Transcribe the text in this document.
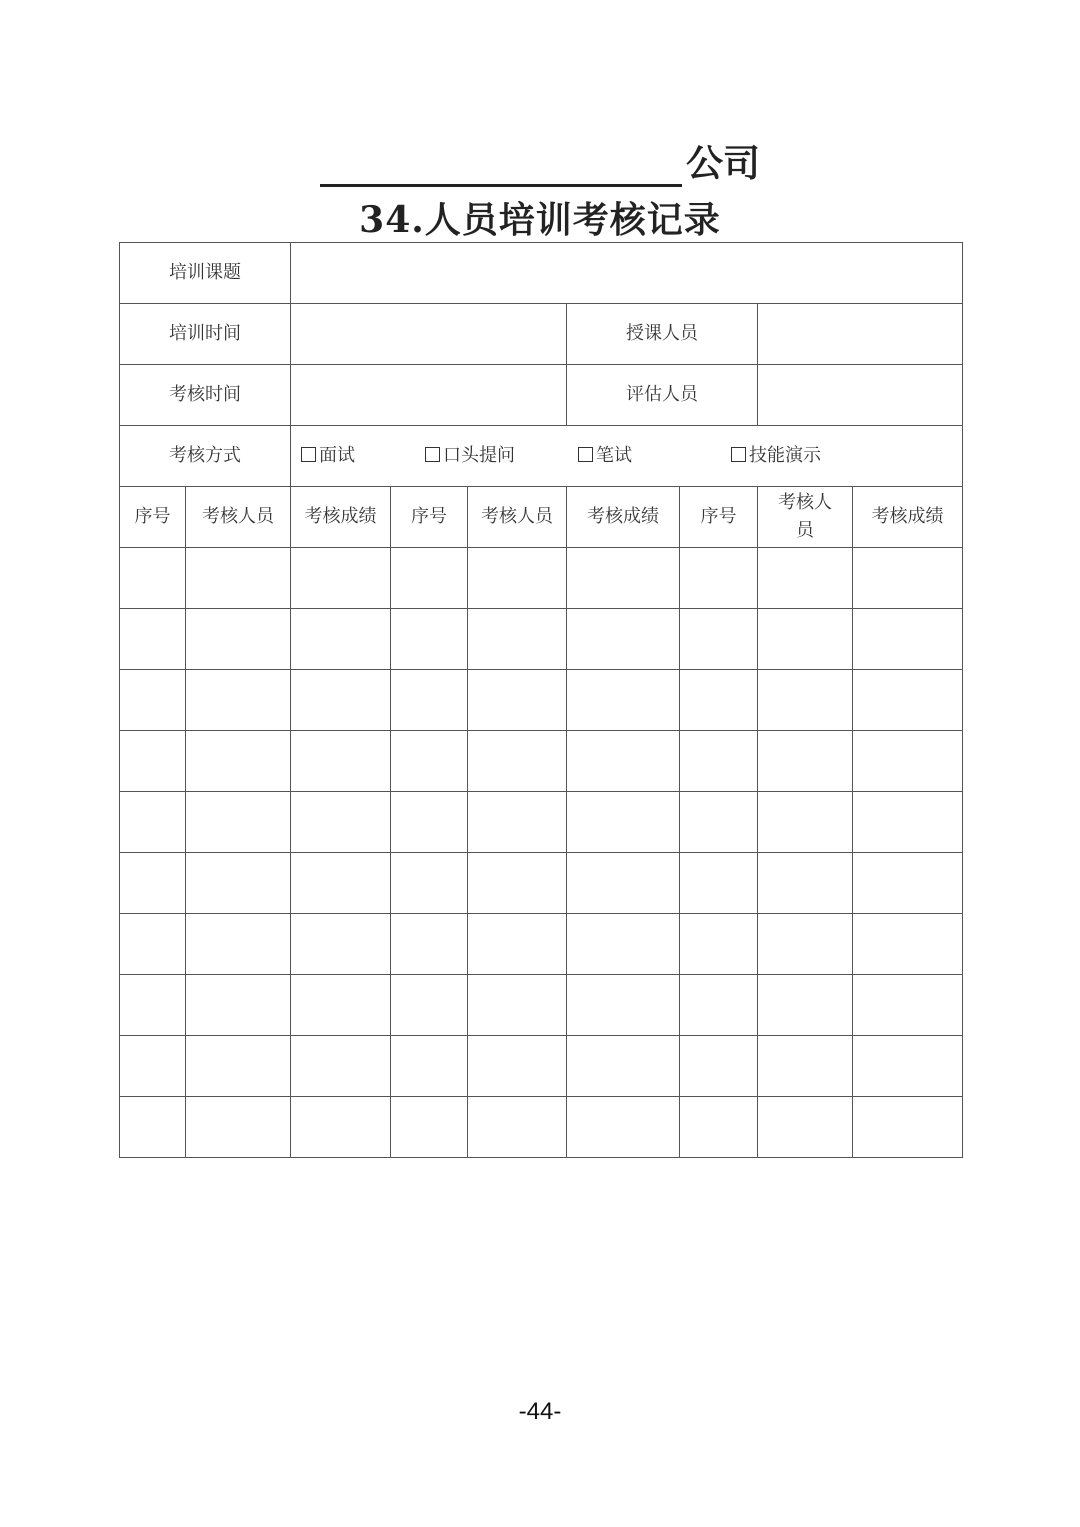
公司
34.人员培训考核记录
培训课题								
培训时间					授课人员			
考核时间					评估人员			
考核方式		面试 口头提问 笔试 技能演示						

序号	考核人员	考核成绩	序号	考核人员	考核成绩	序号	考核人员	考核成绩

-44-
